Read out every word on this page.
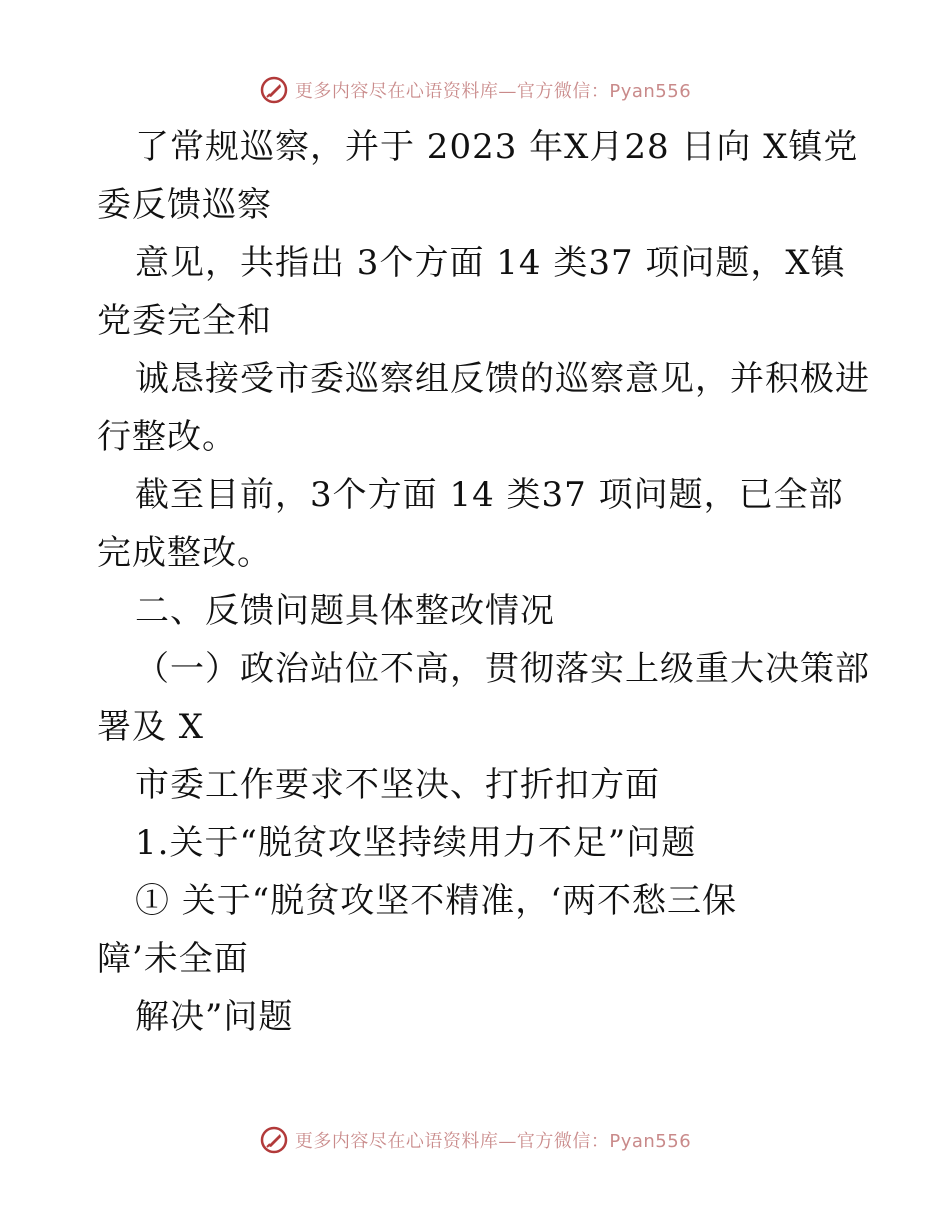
更多内容尽在心语资料库—官方微信：Pyan556
了常规巡察，并于 2023 年X月28 日向 X镇党
委反馈巡察
意见，共指出 3个方面 14 类37 项问题，X镇
党委完全和
诚恳接受市委巡察组反馈的巡察意见，并积极进
行整改。
截至目前，3个方面 14 类37 项问题，已全部
完成整改。
二、反馈问题具体整改情况
（一）政治站位不高，贯彻落实上级重大决策部
署及 X
市委工作要求不坚决、打折扣方面
1.关于“脱贫攻坚持续用力不足”问题
① 关于“脱贫攻坚不精准，‘两不愁三保
障’未全面
解决”问题
更多内容尽在心语资料库—官方微信：Pyan556
